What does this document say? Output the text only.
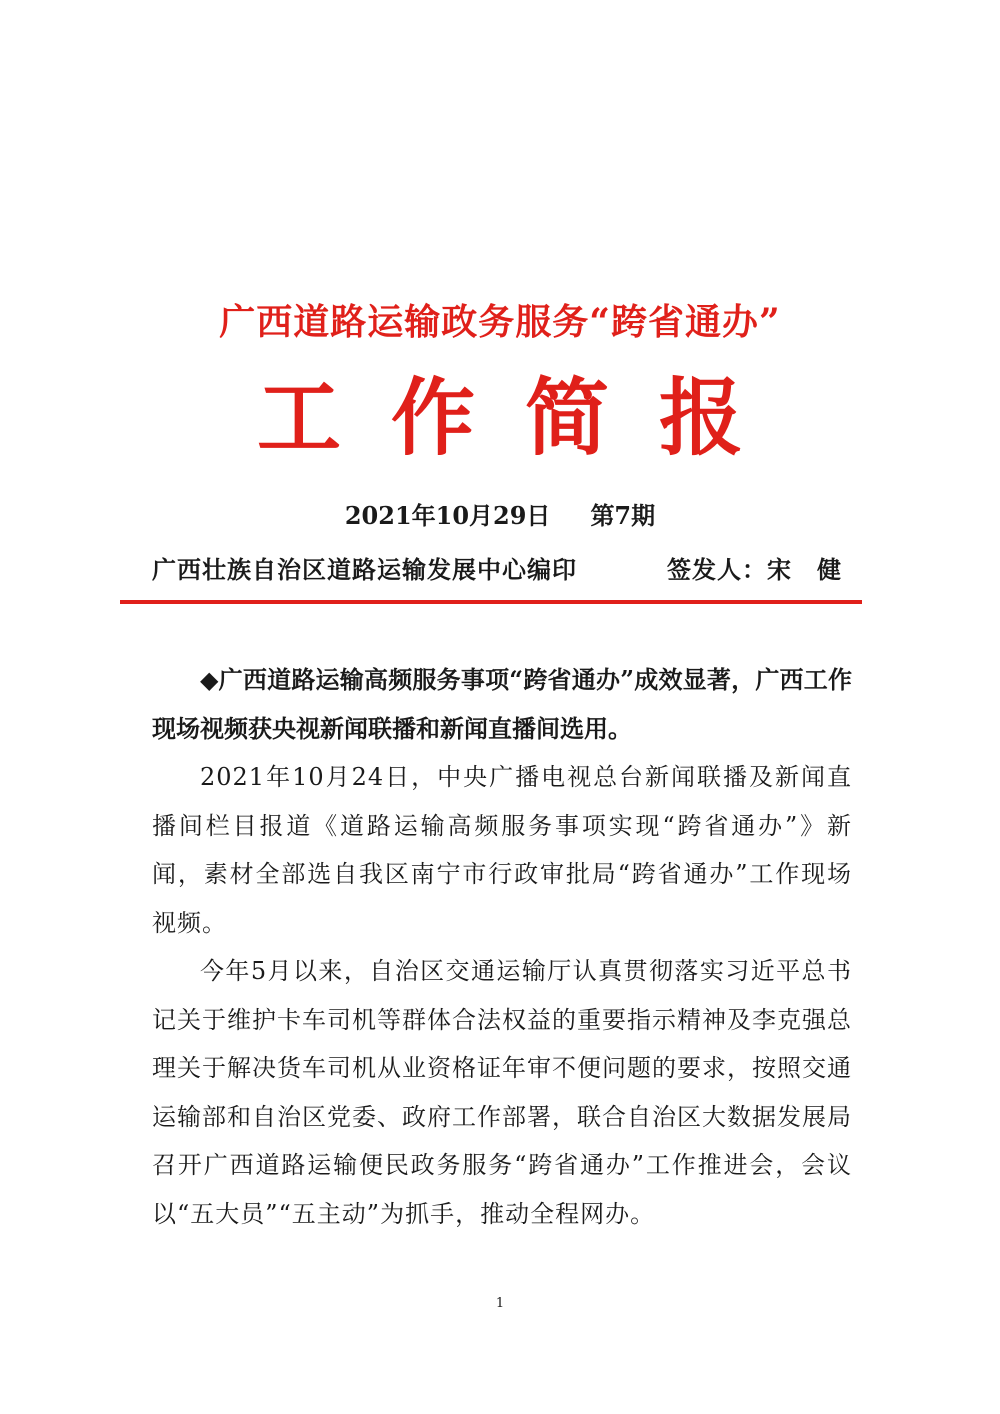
广西道路运输政务服务“跨省通办”
工作简报
2021年10月29日 第7期
广西壮族自治区道路运输发展中心编印	签发人：宋　健

◆广西道路运输高频服务事项“跨省通办”成效显著，广西工作现场视频获央视新闻联播和新闻直播间选用。

2021年10月24日，中央广播电视总台新闻联播及新闻直播间栏目报道《道路运输高频服务事项实现“跨省通办”》新闻，素材全部选自我区南宁市行政审批局“跨省通办”工作现场视频。

今年5月以来，自治区交通运输厅认真贯彻落实习近平总书记关于维护卡车司机等群体合法权益的重要指示精神及李克强总理关于解决货车司机从业资格证年审不便问题的要求，按照交通运输部和自治区党委、政府工作部署，联合自治区大数据发展局召开广西道路运输便民政务服务“跨省通办”工作推进会，会议以“五大员”“五主动”为抓手，推动全程网办。

1
